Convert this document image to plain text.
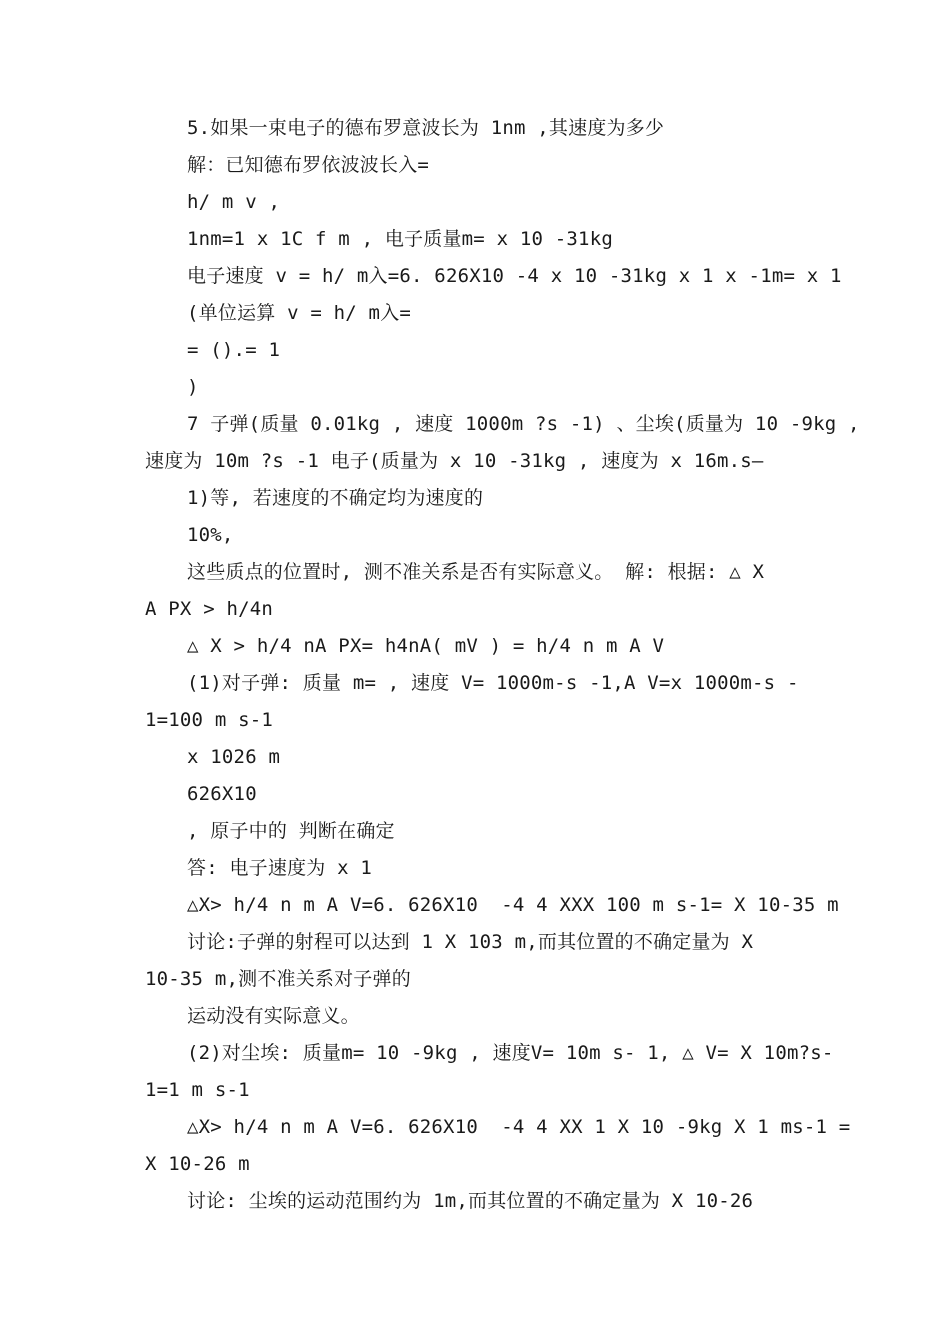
5.如果一束电子的德布罗意波长为 1nm ,其速度为多少
解：已知德布罗依波波长入=
h/ m v ,
1nm=1 x 1C f m , 电子质量m= x 10 -31kg
电子速度 v = h/ m入=6. 626X10 -4 x 10 -31kg x 1 x -1m= x 1
(单位运算 v = h/ m入=
= ().= 1
)
7 子弹(质量 0.01kg , 速度 1000m ?s -1) 、尘埃(质量为 10 -9kg ,
速度为 10m ?s -1 电子(质量为 x 10 -31kg , 速度为 x 16m.s—
1)等, 若速度的不确定均为速度的
10%,
这些质点的位置时, 测不准关系是否有实际意义。 解: 根据: △ X
A PX > h/4n
△ X > h/4 nA PX= h4nA( mV ) = h/4 n m A V
(1)对子弹: 质量 m= , 速度 V= 1000m-s -1,A V=x 1000m-s -
1=100 m s-1
x 1026 m
626X10
, 原子中的 判断在确定
答: 电子速度为 x 1
△X> h/4 n m A V=6. 626X10  -4 4 XXX 100 m s-1= X 10-35 m
讨论:子弹的射程可以达到 1 X 103 m,而其位置的不确定量为 X
10-35 m,测不准关系对子弹的
运动没有实际意义。
(2)对尘埃: 质量m= 10 -9kg , 速度V= 10m s- 1, △ V= X 10m?s-
1=1 m s-1
△X> h/4 n m A V=6. 626X10  -4 4 XX 1 X 10 -9kg X 1 ms-1 =
X 10-26 m
讨论: 尘埃的运动范围约为 1m,而其位置的不确定量为 X 10-26
